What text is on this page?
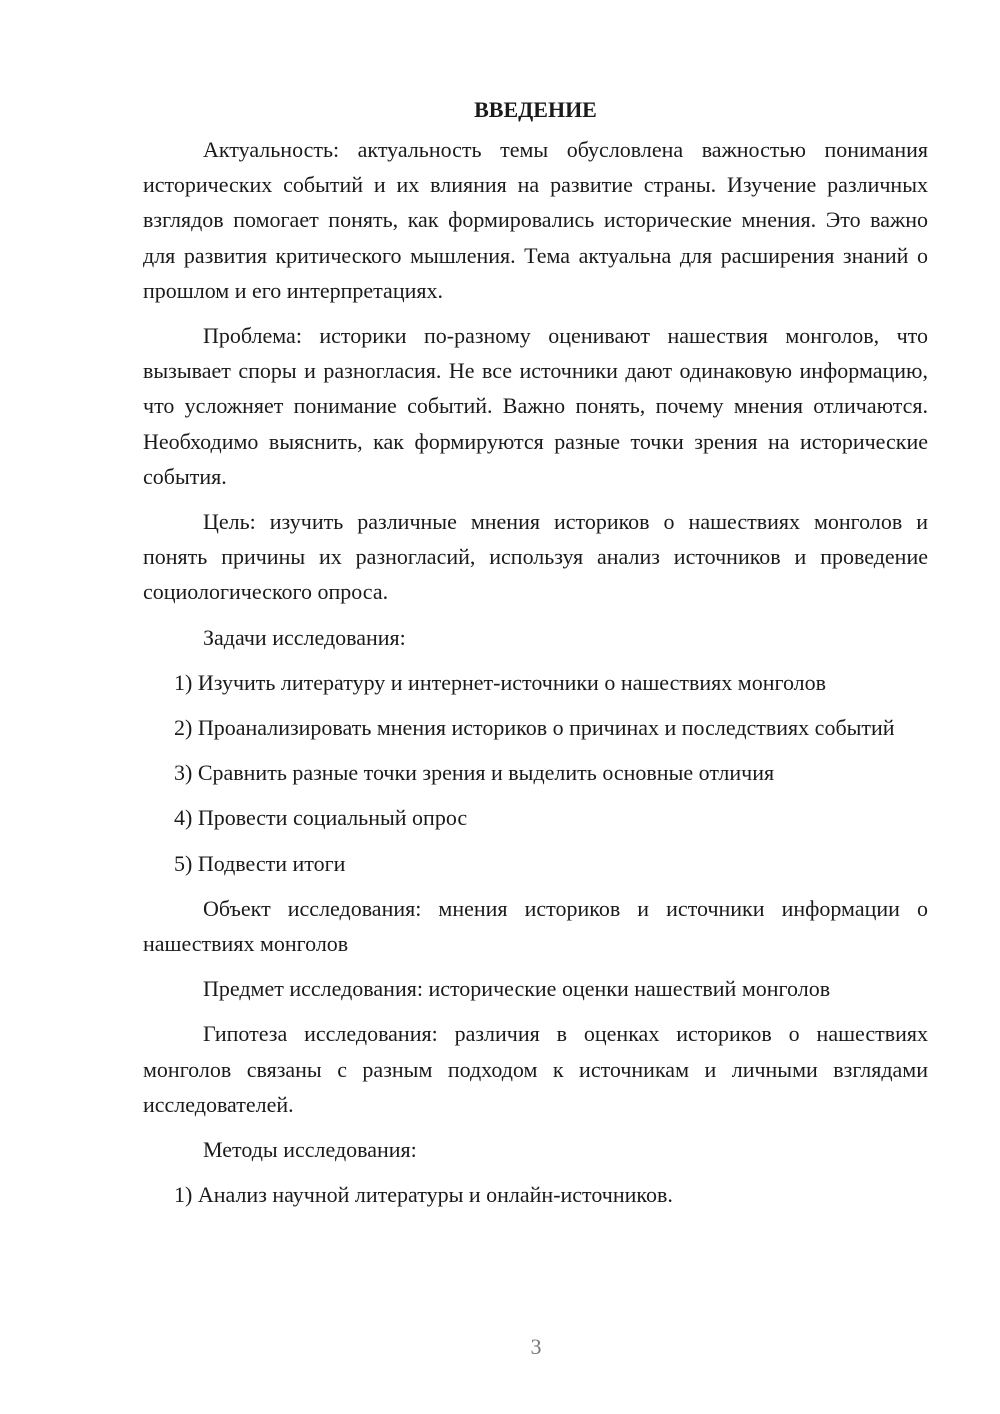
ВВЕДЕНИЕ

Актуальность: актуальность темы обусловлена важностью понимания исторических событий и их влияния на развитие страны. Изучение различных взглядов помогает понять, как формировались исторические мнения. Это важно для развития критического мышления. Тема актуальна для расширения знаний о прошлом и его интерпретациях.

Проблема: историки по-разному оценивают нашествия монголов, что вызывает споры и разногласия. Не все источники дают одинаковую информацию, что усложняет понимание событий. Важно понять, почему мнения отличаются. Необходимо выяснить, как формируются разные точки зрения на исторические события.

Цель: изучить различные мнения историков о нашествиях монголов и понять причины их разногласий, используя анализ источников и проведение социологического опроса.

Задачи исследования:

1) Изучить литературу и интернет-источники о нашествиях монголов

2) Проанализировать мнения историков о причинах и последствиях событий

3) Сравнить разные точки зрения и выделить основные отличия

4) Провести социальный опрос

5) Подвести итоги

Объект исследования: мнения историков и источники информации о нашествиях монголов

Предмет исследования: исторические оценки нашествий монголов

Гипотеза исследования: различия в оценках историков о нашествиях монголов связаны с разным подходом к источникам и личными взглядами исследователей.

Методы исследования:

1) Анализ научной литературы и онлайн-источников.

3
